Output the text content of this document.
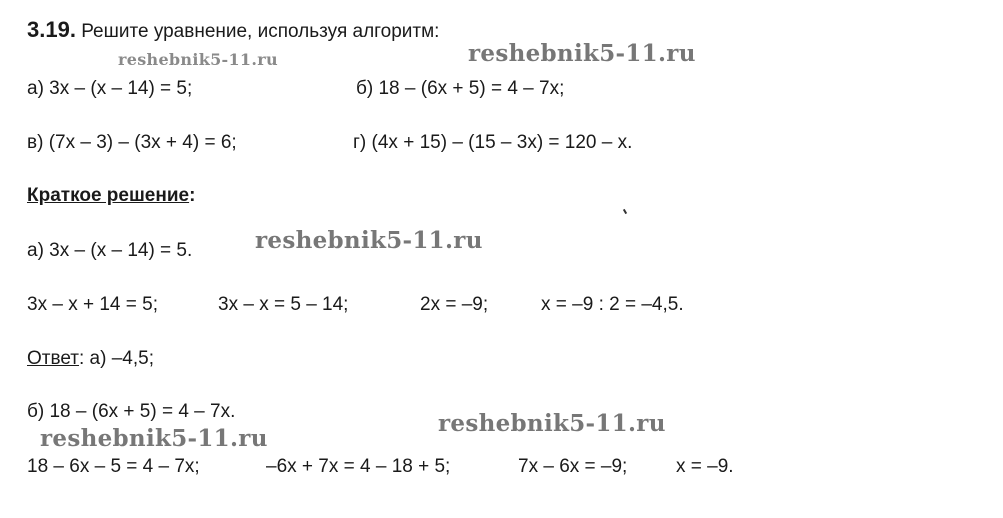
3.19. Решите уравнение, используя алгоритм:
reshebnik5-11.ru	reshebnik5-11.ru
reshebnik5-11.ru
reshebnik5-11.ru
reshebnik5-11.ru
а) 3x – (x – 14) = 5;	б) 18 – (6x + 5) = 4 – 7x;
в) (7x – 3) – (3x + 4) = 6;	г) (4x + 15) – (15 – 3x) = 120 – x.
Краткое решение:
а) 3x – (x – 14) = 5.
3x – x + 14 = 5;	3x – x = 5 – 14;	2x = –9;	x = –9 : 2 = –4,5.
Ответ: а) –4,5;
б) 18 – (6x + 5) = 4 – 7x.
18 – 6x – 5 = 4 – 7x;	–6x + 7x = 4 – 18 + 5;	7x – 6x = –9;	x = –9.
